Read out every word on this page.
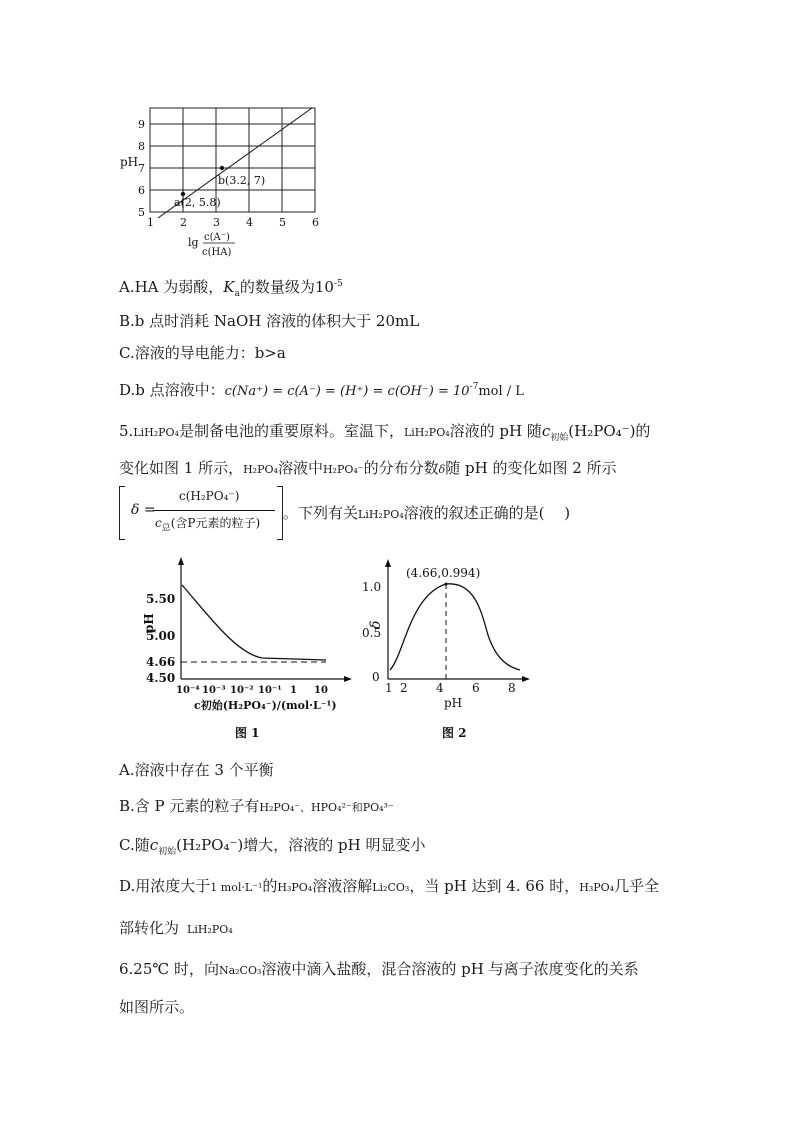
a(2, 5.8)
b(3.2, 7)
pH
5
6
7
8
9
1 2 3 4 5 6
lg c(A⁻)
c(HA)
A.HA 为弱酸，$K_a$的数量级为$10^{-5}$
B.b 点时消耗 NaOH 溶液的体积大于 20mL
C.溶液的导电能力：b>a
D.b 点溶液中：$c(Na^+) = c(A^-) = (H^+) = c(OH^-) = 10^{-7}mol / L$
5.LiH₂PO₄是制备电池的重要原料。室温下，LiH₂PO₄溶液的 pH 随$c_{初始}(H_2PO_4^-)$的
变化如图 1 所示，H₂PO₄溶液中H₂PO₄⁻的分布分数δ随 pH 的变化如图 2 所示
δ =
c(H₂PO₄⁻)
$c_总$(含P元素的粒子)
。下列有关LiH₂PO₄溶液的叙述正确的是(　 )
5.50
5.00
4.66
4.50
pH
10⁻⁴ 10⁻³ 10⁻² 10⁻¹ 1 10
c初始(H₂PO₄⁻)/(mol·L⁻¹)
图 1
(4.66,0.994)
1.0
0.5
0
δ
1 2 4 6 8
pH
图 2
A.溶液中存在 3 个平衡
B.含 P 元素的粒子有H₂PO₄⁻、HPO₄²⁻和PO₄³⁻
C.随$c_{初始}(H_2PO_4^-)$增大，溶液的 pH 明显变小
D.用浓度大于1 mol·L⁻¹的H₃PO₄溶液溶解Li₂CO₃，当 pH 达到 4. 66 时，H₃PO₄几乎全
部转化为 LiH₂PO₄
6.25℃ 时，向Na₂CO₃溶液中滴入盐酸，混合溶液的 pH 与离子浓度变化的关系
如图所示。
